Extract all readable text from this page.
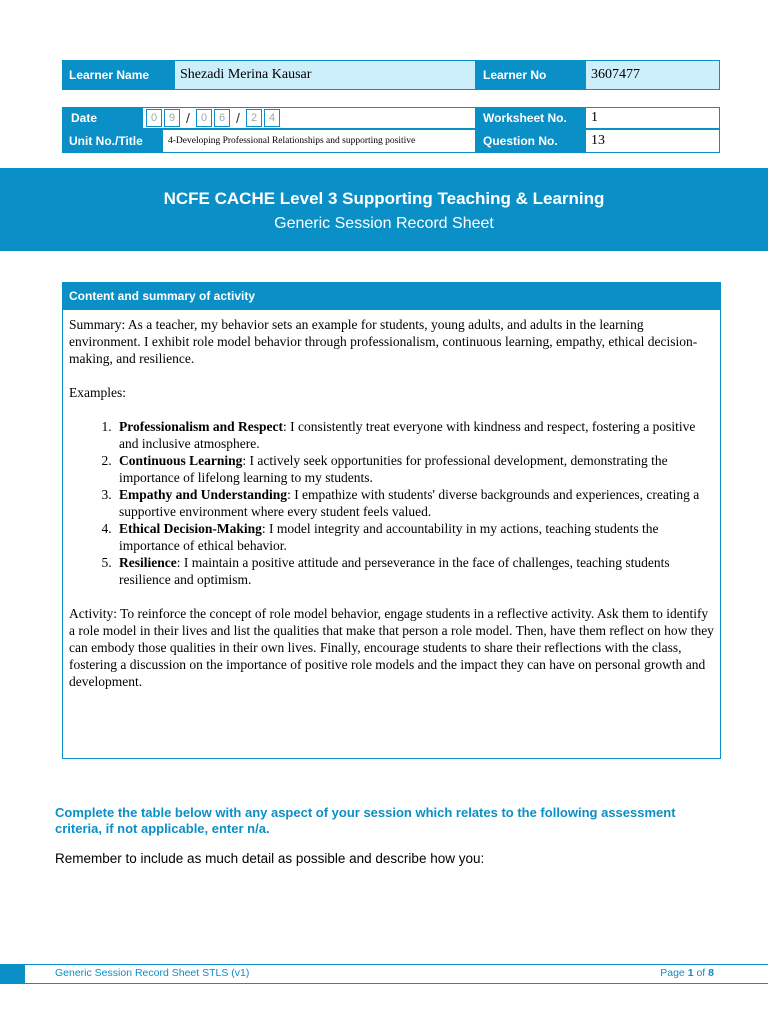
Learner Name	Shezadi Merina Kausar	Learner No	3607477
Date	0	9 /	0	6 /	2	4	Worksheet No.	1
Unit No./Title	4-Developing Professional Relationships and supporting positive	Question No.	13
NCFE CACHE Level 3 Supporting Teaching & Learning
Generic Session Record Sheet
Content and summary of activity

Summary: As a teacher, my behavior sets an example for students, young adults, and adults in the learning environment. I exhibit role model behavior through professionalism, continuous learning, empathy, ethical decision-making, and resilience.

Examples:

1. Professionalism and Respect: I consistently treat everyone with kindness and respect, fostering a positive and inclusive atmosphere.
2. Continuous Learning: I actively seek opportunities for professional development, demonstrating the importance of lifelong learning to my students.
3. Empathy and Understanding: I empathize with students' diverse backgrounds and experiences, creating a supportive environment where every student feels valued.
4. Ethical Decision-Making: I model integrity and accountability in my actions, teaching students the importance of ethical behavior.
5. Resilience: I maintain a positive attitude and perseverance in the face of challenges, teaching students resilience and optimism.

Activity: To reinforce the concept of role model behavior, engage students in a reflective activity. Ask them to identify a role model in their lives and list the qualities that make that person a role model. Then, have them reflect on how they can embody those qualities in their own lives. Finally, encourage students to share their reflections with the class, fostering a discussion on the importance of positive role models and the impact they can have on personal growth and development.

Complete the table below with any aspect of your session which relates to the following assessment criteria, if not applicable, enter n/a.
Remember to include as much detail as possible and describe how you:
Generic Session Record Sheet STLS (v1)	Page 1 of 8
